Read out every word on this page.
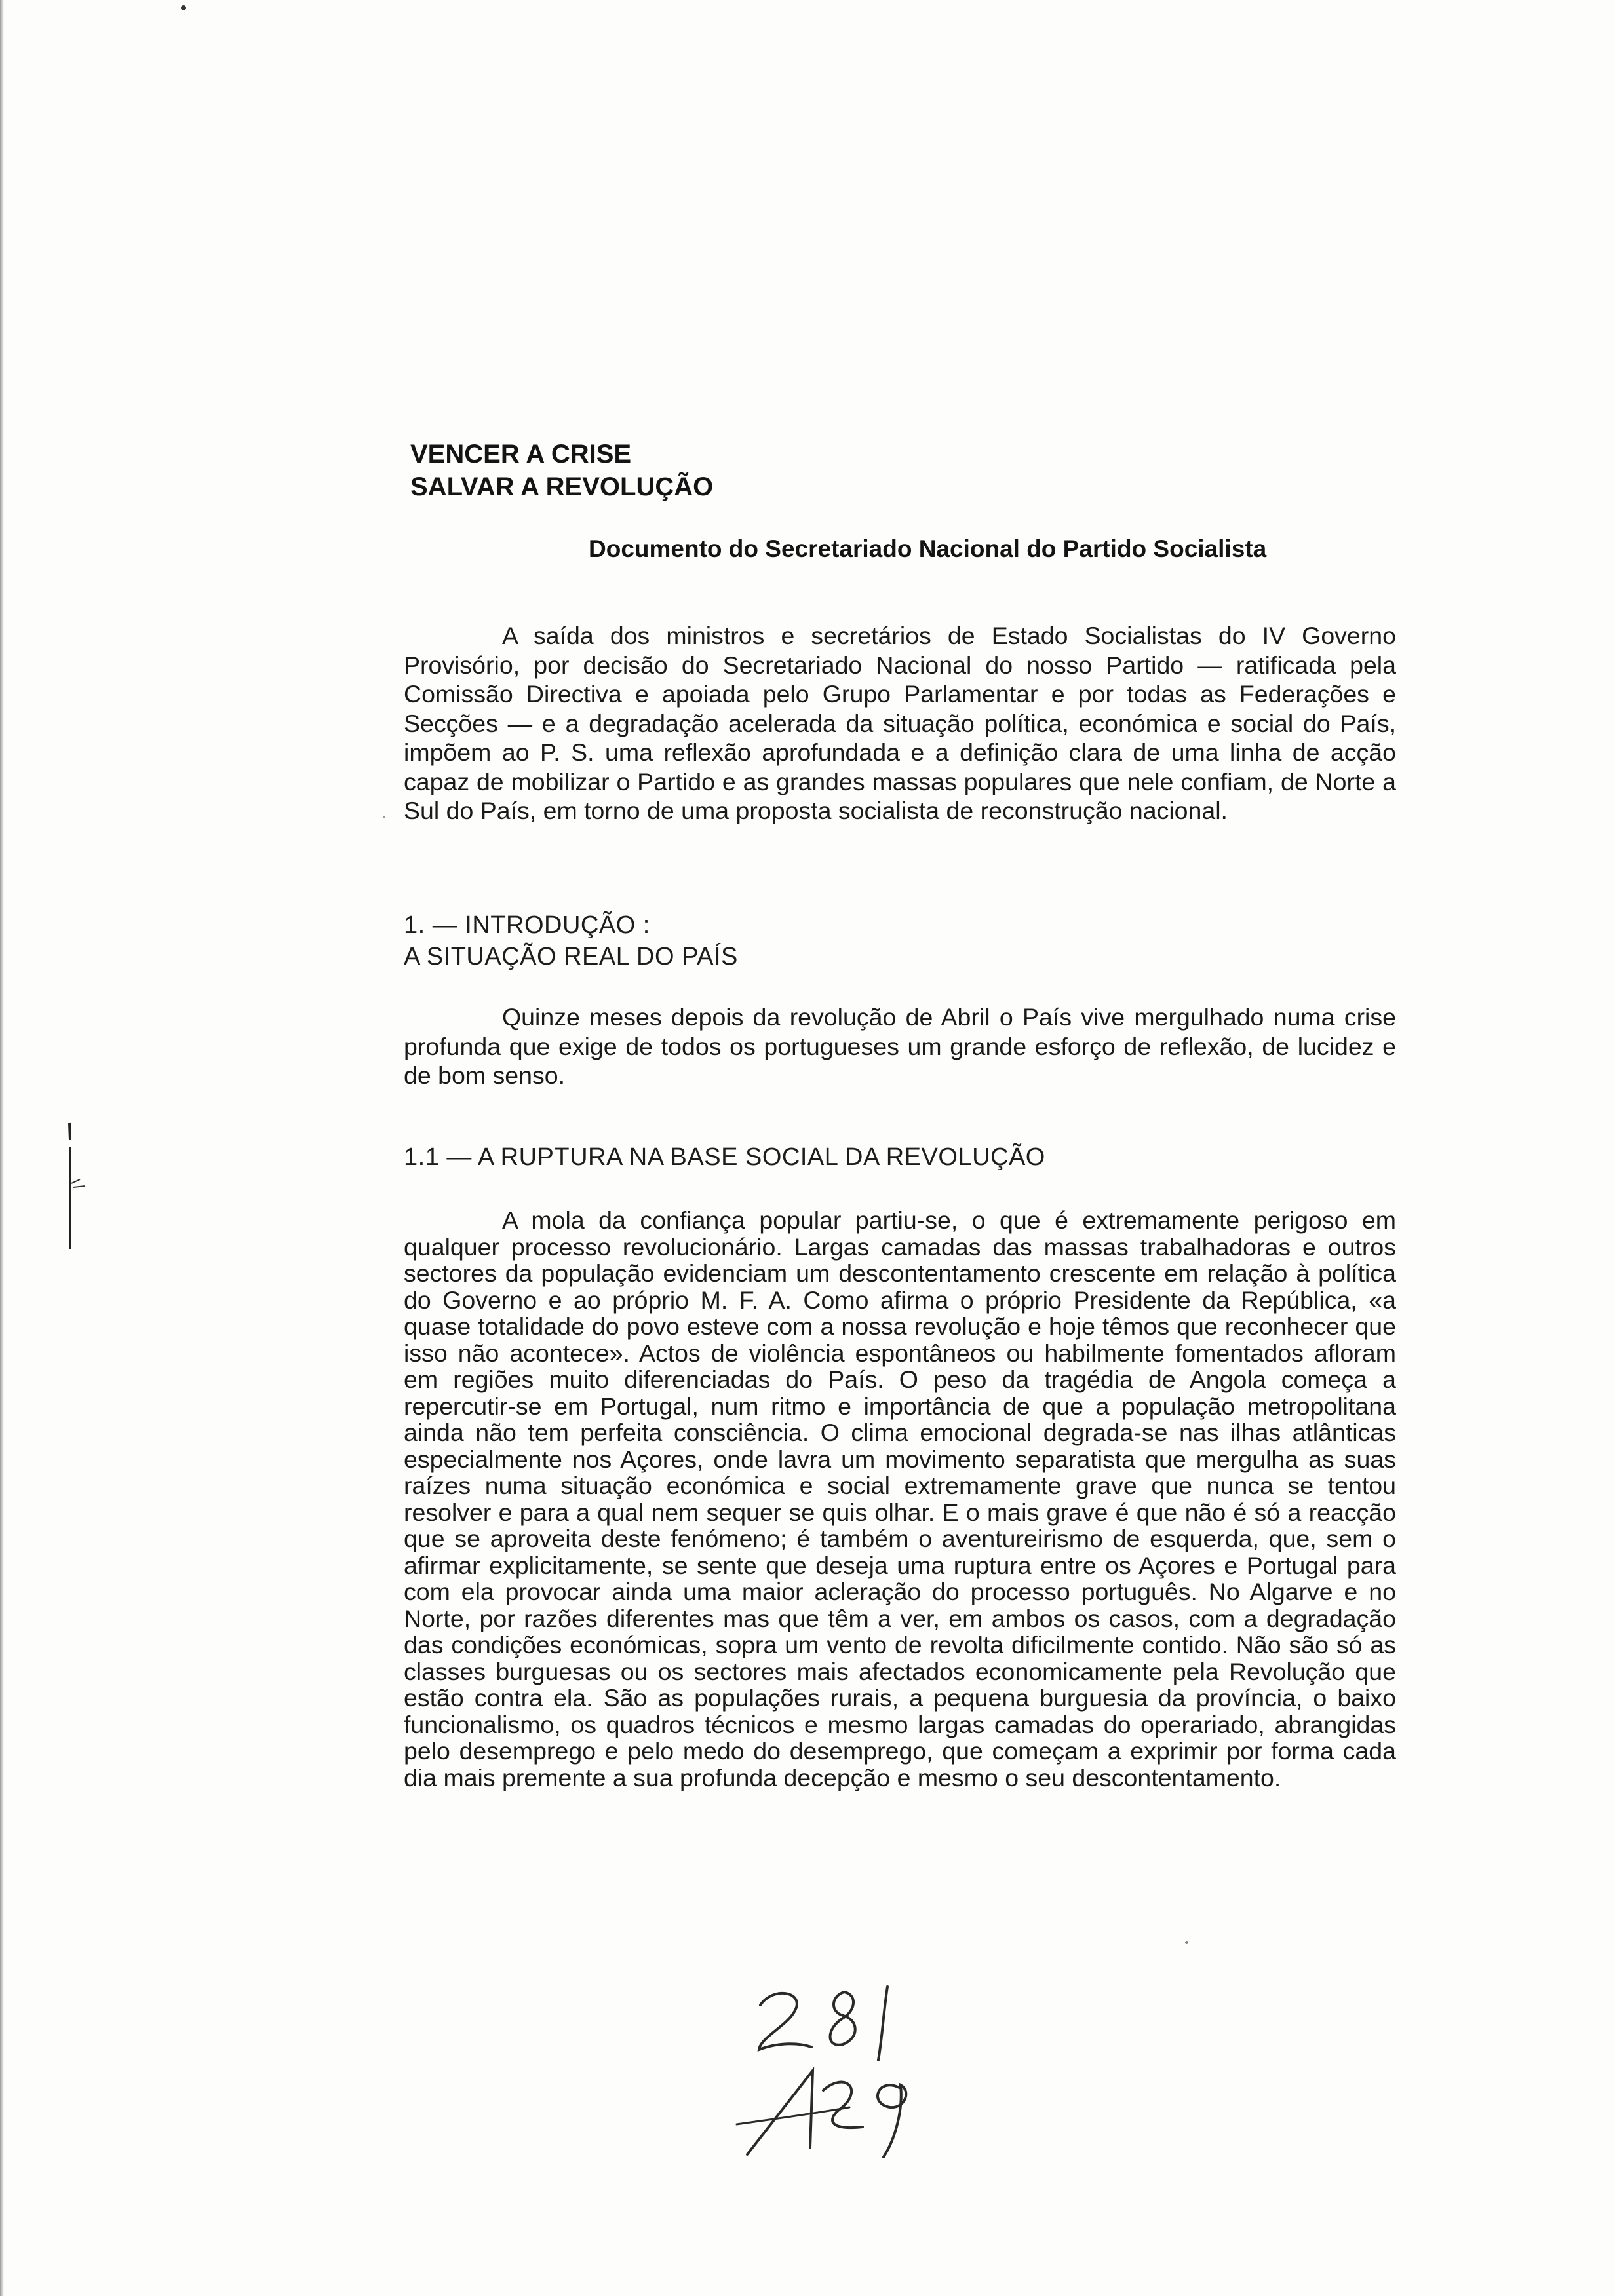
VENCER A CRISE
SALVAR A REVOLUÇÃO
Documento do Secretariado Nacional do Partido Socialista

A saída dos ministros e secretários de Estado Socialistas do IV Governo Provisório, por decisão do Secretariado Nacional do nosso Partido — ratificada pela Comissão Directiva e apoiada pelo Grupo Parlamentar e por todas as Federações e Secções — e a degradação acelerada da situação política, económica e social do País, impõem ao P. S. uma reflexão aprofundada e a definição clara de uma linha de acção capaz de mobilizar o Partido e as grandes massas populares que nele confiam, de Norte a Sul do País, em torno de uma proposta socialista de reconstrução nacional.

1. — INTRODUÇÃO :
A SITUAÇÃO REAL DO PAÍS

Quinze meses depois da revolução de Abril o País vive mergulhado numa crise profunda que exige de todos os portugueses um grande esforço de reflexão, de lucidez e de bom senso.

1.1 — A RUPTURA NA BASE SOCIAL DA REVOLUÇÃO

A mola da confiança popular partiu-se, o que é extremamente perigoso em qualquer processo revolucionário. Largas camadas das massas trabalhadoras e outros sectores da população evidenciam um descontentamento crescente em relação à política do Governo e ao próprio M. F. A. Como afirma o próprio Presidente da República, «a quase totalidade do povo esteve com a nossa revolução e hoje têmos que reconhecer que isso não acontece». Actos de violência espontâneos ou habilmente fomentados afloram em regiões muito diferenciadas do País. O peso da tragédia de Angola começa a repercutir-se em Portugal, num ritmo e importância de que a população metropolitana ainda não tem perfeita consciência. O clima emocional degrada-se nas ilhas atlânticas especialmente nos Açores, onde lavra um movimento separatista que mergulha as suas raízes numa situação económica e social extremamente grave que nunca se tentou resolver e para a qual nem sequer se quis olhar. E o mais grave é que não é só a reacção que se aproveita deste fenómeno; é também o aventureirismo de esquerda, que, sem o afirmar explicitamente, se sente que deseja uma ruptura entre os Açores e Portugal para com ela provocar ainda uma maior acleração do processo português. No Algarve e no Norte, por razões diferentes mas que têm a ver, em ambos os casos, com a degradação das condições económicas, sopra um vento de revolta dificilmente contido. Não são só as classes burguesas ou os sectores mais afectados economicamente pela Revolução que estão contra ela. São as populações rurais, a pequena burguesia da província, o baixo funcionalismo, os quadros técnicos e mesmo largas camadas do operariado, abrangidas pelo desemprego e pelo medo do desemprego, que começam a exprimir por forma cada dia mais premente a sua profunda decepção e mesmo o seu descontentamento.
